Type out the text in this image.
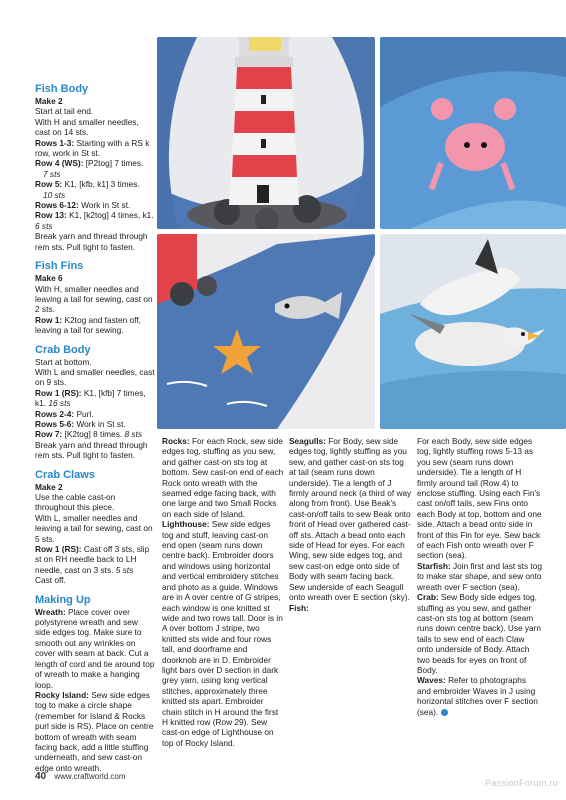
Fish Body

Make 2

Start at tail end.

With H and smaller needles, cast on 14 sts.

Rows 1-3: Starting with a RS k row, work in St st.

Row 4 (WS): [P2tog] 7 times.

7 sts

Row 5: K1, [kfb, k1] 3 times.

10 sts

Rows 6-12: Work in St st.

Row 13: K1, [k2tog] 4 times, k1. 6 sts

Break yarn and thread through rem sts. Pull tight to fasten.

Fish Fins

Make 6

With H, smaller needles and leaving a tail for sewing, cast on 2 sts.

Row 1: K2tog and fasten off, leaving a tail for sewing.

Crab Body

Start at bottom.

With L and smaller needles, cast on 9 sts.

Row 1 (RS): K1, [kfb] 7 times, k1. 16 sts

Rows 2-4: Purl.

Rows 5-6: Work in St st.

Row 7: [K2tog] 8 times. 8 sts

Break yarn and thread through rem sts. Pull tight to fasten.

Crab Claws

Make 2

Use the cable cast-on throughout this piece.

With L, smaller needles and leaving a tail for sewing, cast on 5 sts.

Row 1 (RS): Cast off 3 sts, slip st on RH needle back to LH needle, cast on 3 sts. 5 sts

Cast off.

Making Up

Wreath: Place cover over polystyrene wreath and sew side edges tog. Make sure to smooth out any wrinkles on cover with seam at back. Cut a length of cord and tie around top of wreath to make a hanging loop.

Rocky Island: Sew side edges tog to make a circle shape (remember for Island & Rocks purl side is RS). Place on centre bottom of wreath with seam facing back, add a little stuffing underneath, and sew cast-on edge onto wreath.

Rocks: For each Rock, sew side edges tog, stuffing as you sew, and gather cast-on sts tog at bottom. Sew cast-on end of each Rock onto wreath with the seamed edge facing back, with one large and two Small Rocks on each side of Island.

Lighthouse: Sew side edges tog and stuff, leaving cast-on end open (seam runs down centre back). Embroider doors and windows using horizontal and vertical embroidery stitches and photo as a guide. Windows are in A over centre of G stripes, each window is one knitted st wide and two rows tall. Door is in A over bottom J stripe, two knitted sts wide and four rows tall, and doorframe and doorknob are in D. Embroider light bars over D section in dark grey yarn, using long vertical stitches, approximately three knitted sts apart. Embroider chain stitch in H around the first H knitted row (Row 29). Sew cast-on edge of Lighthouse on top of Rocky Island.

Seagulls: For Body, sew side edges tog, lightly stuffing as you sew, and gather cast-on sts tog at tail (seam runs down underside). Tie a length of J firmly around neck (a third of way along from front). Use Beak's cast-on/off tails to sew Beak onto front of Head over gathered cast-off sts. Attach a bead onto each side of Head for eyes. For each Wing, sew side edges tog, and sew cast-on edge onto side of Body with seam facing back. Sew underside of each Seagull onto wreath over E section (sky).

Fish:

For each Body, sew side edges tog, lightly stuffing rows 5-13 as you sew (seam runs down underside). Tie a length of H firmly around tail (Row 4) to enclose stuffing. Using each Fin's cast on/off tails, sew Fins onto each Body at top, bottom and one side. Attach a bead onto side in front of this Fin for eye. Sew back of each Fish onto wreath over F section (sea).

Starfish: Join first and last sts tog to make star shape, and sew onto wreath over F section (sea).

Crab: Sew Body side edges tog, stuffing as you sew, and gather cast-on sts tog at bottom (seam runs down centre back). Use yarn tails to sew end of each Claw onto underside of Body. Attach two beads for eyes on front of Body.

Waves: Refer to photographs and embroider Waves in J using horizontal stitches over F section (sea).

40 www.craftworld.com
PassionForum.ru
